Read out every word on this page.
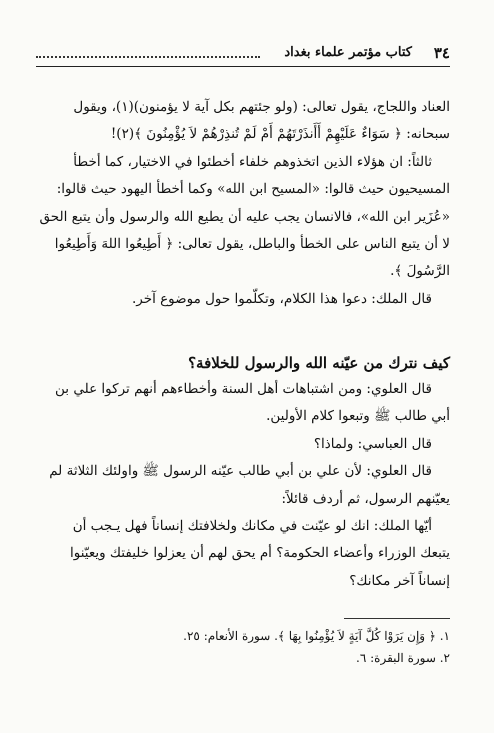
٣٤
كتاب مؤتمر علماء بغداد
العناد واللجاج، يقول تعالى: (ولو جئتهم بكل آية لا يؤمنون)(١)، ويقول
سبحانه: ﴿ سَوَاءٌ عَلَيْهِمْ أَأَنذَرْتَهُمْ أَمْ لَمْ تُنذِرْهُمْ لاَ يُؤْمِنُونَ ﴾(٢)!
ثالثاً: ان هؤلاء الذين اتخذوهم خلفاء أخطئوا في الاختيار، كما أخطأ
المسيحيون حيث قالوا: «المسيح ابن الله» وكما أخطأ اليهود حيث قالوا:
«عُزَير ابن الله»، فالانسان يجب عليه أن يطيع الله والرسول وأن يتبع الحق
لا أن يتبع الناس على الخطأ والباطل، يقول تعالى: ﴿ أَطِيعُوا اللهَ وَأَطِيعُوا
الرَّسُولَ ﴾.
قال الملك: دعوا هذا الكلام، وتكلّموا حول موضوع آخر.
كيف نترك من عيّنه الله والرسول للخلافة؟
قال العلوي: ومن اشتباهات أهل السنة وأخطاءهم أنهم تركوا علي بن
أبي طالب ﷺ وتبعوا كلام الأولين.
قال العباسي: ولماذا؟
قال العلوي: لأن علي بن أبي طالب عيّنه الرسول ﷺ واولئك الثلاثة لم
يعيّنهم الرسول، ثم أردف قائلاً:
أيّها الملك: انك لو عيّنت في مكانك ولخلافتك إنساناً فهل يـجب أن
يتبعك الوزراء وأعضاء الحكومة؟ أم يحق لهم أن يعزلوا خليفتك ويعيّنوا
إنساناً آخر مكانك؟
١. ﴿ وَإِن يَرَوْا كُلَّ آيَةٍ لاَ يُؤْمِنُوا بِهَا ﴾. سورة الأنعام: ٢٥.
٢. سورة البقرة: ٦.
